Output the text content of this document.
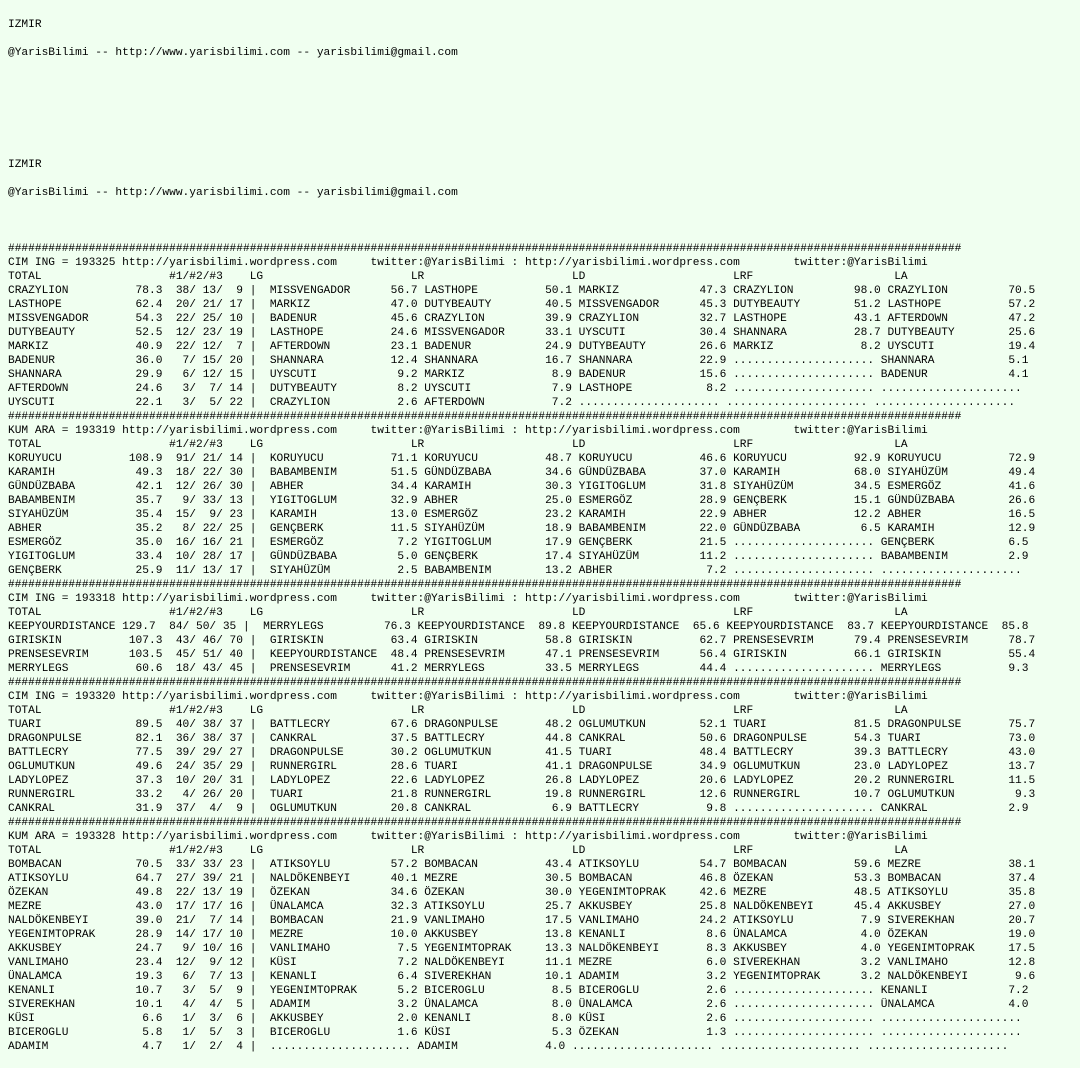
IZMIR

@YarisBilimi -- http://www.yarisbilimi.com -- yarisbilimi@gmail.com

IZMIR

@YarisBilimi -- http://www.yarisbilimi.com -- yarisbilimi@gmail.com

##############################################################################################################################################
CIM ING = 193325 http://yarisbilimi.wordpress.com     twitter:@YarisBilimi : http://yarisbilimi.wordpress.com        twitter:@YarisBilimi
TOTAL                   #1/#2/#3    LG                      LR                      LD                      LRF                     LA
CRAZYLION          78.3  38/ 13/  9 |  MISSVENGADOR      56.7 LASTHOPE          50.1 MARKIZ            47.3 CRAZYLION         98.0 CRAZYLION         70.5
LASTHOPE           62.4  20/ 21/ 17 |  MARKIZ            47.0 DUTYBEAUTY        40.5 MISSVENGADOR      45.3 DUTYBEAUTY        51.2 LASTHOPE          57.2
MISSVENGADOR       54.3  22/ 25/ 10 |  BADENUR           45.6 CRAZYLION         39.9 CRAZYLION         32.7 LASTHOPE          43.1 AFTERDOWN         47.2
DUTYBEAUTY         52.5  12/ 23/ 19 |  LASTHOPE          24.6 MISSVENGADOR      33.1 UYSCUTI           30.4 SHANNARA          28.7 DUTYBEAUTY        25.6
MARKIZ             40.9  22/ 12/  7 |  AFTERDOWN         23.1 BADENUR           24.9 DUTYBEAUTY        26.6 MARKIZ             8.2 UYSCUTI           19.4
BADENUR            36.0   7/ 15/ 20 |  SHANNARA          12.4 SHANNARA          16.7 SHANNARA          22.9 ..................... SHANNARA           5.1
SHANNARA           29.9   6/ 12/ 15 |  UYSCUTI            9.2 MARKIZ             8.9 BADENUR           15.6 ..................... BADENUR            4.1
AFTERDOWN          24.6   3/  7/ 14 |  DUTYBEAUTY         8.2 UYSCUTI            7.9 LASTHOPE           8.2 ..................... .....................
UYSCUTI            22.1   3/  5/ 22 |  CRAZYLION          2.6 AFTERDOWN          7.2 ..................... ..................... .....................
##############################################################################################################################################
KUM ARA = 193319 http://yarisbilimi.wordpress.com     twitter:@YarisBilimi : http://yarisbilimi.wordpress.com        twitter:@YarisBilimi
TOTAL                   #1/#2/#3    LG                      LR                      LD                      LRF                     LA
KORUYUCU          108.9  91/ 21/ 14 |  KORUYUCU          71.1 KORUYUCU          48.7 KORUYUCU          46.6 KORUYUCU          92.9 KORUYUCU          72.9
KARAMIH            49.3  18/ 22/ 30 |  BABAMBENIM        51.5 GÜNDÜZBABA        34.6 GÜNDÜZBABA        37.0 KARAMIH           68.0 SIYAHÜZÜM         49.4
GÜNDÜZBABA         42.1  12/ 26/ 30 |  ABHER             34.4 KARAMIH           30.3 YIGITOGLUM        31.8 SIYAHÜZÜM         34.5 ESMERGÖZ          41.6
BABAMBENIM         35.7   9/ 33/ 13 |  YIGITOGLUM        32.9 ABHER             25.0 ESMERGÖZ          28.9 GENÇBERK          15.1 GÜNDÜZBABA        26.6
SIYAHÜZÜM          35.4  15/  9/ 23 |  KARAMIH           13.0 ESMERGÖZ          23.2 KARAMIH           22.9 ABHER             12.2 ABHER             16.5
ABHER              35.2   8/ 22/ 25 |  GENÇBERK          11.5 SIYAHÜZÜM         18.9 BABAMBENIM        22.0 GÜNDÜZBABA         6.5 KARAMIH           12.9
ESMERGÖZ           35.0  16/ 16/ 21 |  ESMERGÖZ           7.2 YIGITOGLUM        17.9 GENÇBERK          21.5 ..................... GENÇBERK           6.5
YIGITOGLUM         33.4  10/ 28/ 17 |  GÜNDÜZBABA         5.0 GENÇBERK          17.4 SIYAHÜZÜM         11.2 ..................... BABAMBENIM         2.9
GENÇBERK           25.9  11/ 13/ 17 |  SIYAHÜZÜM          2.5 BABAMBENIM        13.2 ABHER              7.2 ..................... .....................
##############################################################################################################################################
CIM ING = 193318 http://yarisbilimi.wordpress.com     twitter:@YarisBilimi : http://yarisbilimi.wordpress.com        twitter:@YarisBilimi
TOTAL                   #1/#2/#3    LG                      LR                      LD                      LRF                     LA
KEEPYOURDISTANCE 129.7  84/ 50/ 35 |  MERRYLEGS         76.3 KEEPYOURDISTANCE  89.8 KEEPYOURDISTANCE  65.6 KEEPYOURDISTANCE  83.7 KEEPYOURDISTANCE  85.8
GIRISKIN          107.3  43/ 46/ 70 |  GIRISKIN          63.4 GIRISKIN          58.8 GIRISKIN          62.7 PRENSESEVRIM      79.4 PRENSESEVRIM      78.7
PRENSESEVRIM      103.5  45/ 51/ 40 |  KEEPYOURDISTANCE  48.4 PRENSESEVRIM      47.1 PRENSESEVRIM      56.4 GIRISKIN          66.1 GIRISKIN          55.4
MERRYLEGS          60.6  18/ 43/ 45 |  PRENSESEVRIM      41.2 MERRYLEGS         33.5 MERRYLEGS         44.4 ..................... MERRYLEGS          9.3
##############################################################################################################################################
CIM ING = 193320 http://yarisbilimi.wordpress.com     twitter:@YarisBilimi : http://yarisbilimi.wordpress.com        twitter:@YarisBilimi
TOTAL                   #1/#2/#3    LG                      LR                      LD                      LRF                     LA
TUARI              89.5  40/ 38/ 37 |  BATTLECRY         67.6 DRAGONPULSE       48.2 OGLUMUTKUN        52.1 TUARI             81.5 DRAGONPULSE       75.7
DRAGONPULSE        82.1  36/ 38/ 37 |  CANKRAL           37.5 BATTLECRY         44.8 CANKRAL           50.6 DRAGONPULSE       54.3 TUARI             73.0
BATTLECRY          77.5  39/ 29/ 27 |  DRAGONPULSE       30.2 OGLUMUTKUN        41.5 TUARI             48.4 BATTLECRY         39.3 BATTLECRY         43.0
OGLUMUTKUN         49.6  24/ 35/ 29 |  RUNNERGIRL        28.6 TUARI             41.1 DRAGONPULSE       34.9 OGLUMUTKUN        23.0 LADYLOPEZ         13.7
LADYLOPEZ          37.3  10/ 20/ 31 |  LADYLOPEZ         22.6 LADYLOPEZ         26.8 LADYLOPEZ         20.6 LADYLOPEZ         20.2 RUNNERGIRL        11.5
RUNNERGIRL         33.2   4/ 26/ 20 |  TUARI             21.8 RUNNERGIRL        19.8 RUNNERGIRL        12.6 RUNNERGIRL        10.7 OGLUMUTKUN         9.3
CANKRAL            31.9  37/  4/  9 |  OGLUMUTKUN        20.8 CANKRAL            6.9 BATTLECRY          9.8 ..................... CANKRAL            2.9
##############################################################################################################################################
KUM ARA = 193328 http://yarisbilimi.wordpress.com     twitter:@YarisBilimi : http://yarisbilimi.wordpress.com        twitter:@YarisBilimi
TOTAL                   #1/#2/#3    LG                      LR                      LD                      LRF                     LA
BOMBACAN           70.5  33/ 33/ 23 |  ATIKSOYLU         57.2 BOMBACAN          43.4 ATIKSOYLU         54.7 BOMBACAN          59.6 MEZRE             38.1
ATIKSOYLU          64.7  27/ 39/ 21 |  NALDÖKENBEYI      40.1 MEZRE             30.5 BOMBACAN          46.8 ÖZEKAN            53.3 BOMBACAN          37.4
ÖZEKAN             49.8  22/ 13/ 19 |  ÖZEKAN            34.6 ÖZEKAN            30.0 YEGENIMTOPRAK     42.6 MEZRE             48.5 ATIKSOYLU         35.8
MEZRE              43.0  17/ 17/ 16 |  ÜNALAMCA          32.3 ATIKSOYLU         25.7 AKKUSBEY          25.8 NALDÖKENBEYI      45.4 AKKUSBEY          27.0
NALDÖKENBEYI       39.0  21/  7/ 14 |  BOMBACAN          21.9 VANLIMAHO         17.5 VANLIMAHO         24.2 ATIKSOYLU          7.9 SIVEREKHAN        20.7
YEGENIMTOPRAK      28.9  14/ 17/ 10 |  MEZRE             10.0 AKKUSBEY          13.8 KENANLI            8.6 ÜNALAMCA           4.0 ÖZEKAN            19.0
AKKUSBEY           24.7   9/ 10/ 16 |  VANLIMAHO          7.5 YEGENIMTOPRAK     13.3 NALDÖKENBEYI       8.3 AKKUSBEY           4.0 YEGENIMTOPRAK     17.5
VANLIMAHO          23.4  12/  9/ 12 |  KÜSI               7.2 NALDÖKENBEYI      11.1 MEZRE              6.0 SIVEREKHAN         3.2 VANLIMAHO         12.8
ÜNALAMCA           19.3   6/  7/ 13 |  KENANLI            6.4 SIVEREKHAN        10.1 ADAMIM             3.2 YEGENIMTOPRAK      3.2 NALDÖKENBEYI       9.6
KENANLI            10.7   3/  5/  9 |  YEGENIMTOPRAK      5.2 BICEROGLU          8.5 BICEROGLU          2.6 ..................... KENANLI            7.2
SIVEREKHAN         10.1   4/  4/  5 |  ADAMIM             3.2 ÜNALAMCA           8.0 ÜNALAMCA           2.6 ..................... ÜNALAMCA           4.0
KÜSI                6.6   1/  3/  6 |  AKKUSBEY           2.0 KENANLI            8.0 KÜSI               2.6 ..................... .....................
BICEROGLU           5.8   1/  5/  3 |  BICEROGLU          1.6 KÜSI               5.3 ÖZEKAN             1.3 ..................... .....................
ADAMIM              4.7   1/  2/  4 |  ..................... ADAMIM             4.0 ..................... ..................... .....................
